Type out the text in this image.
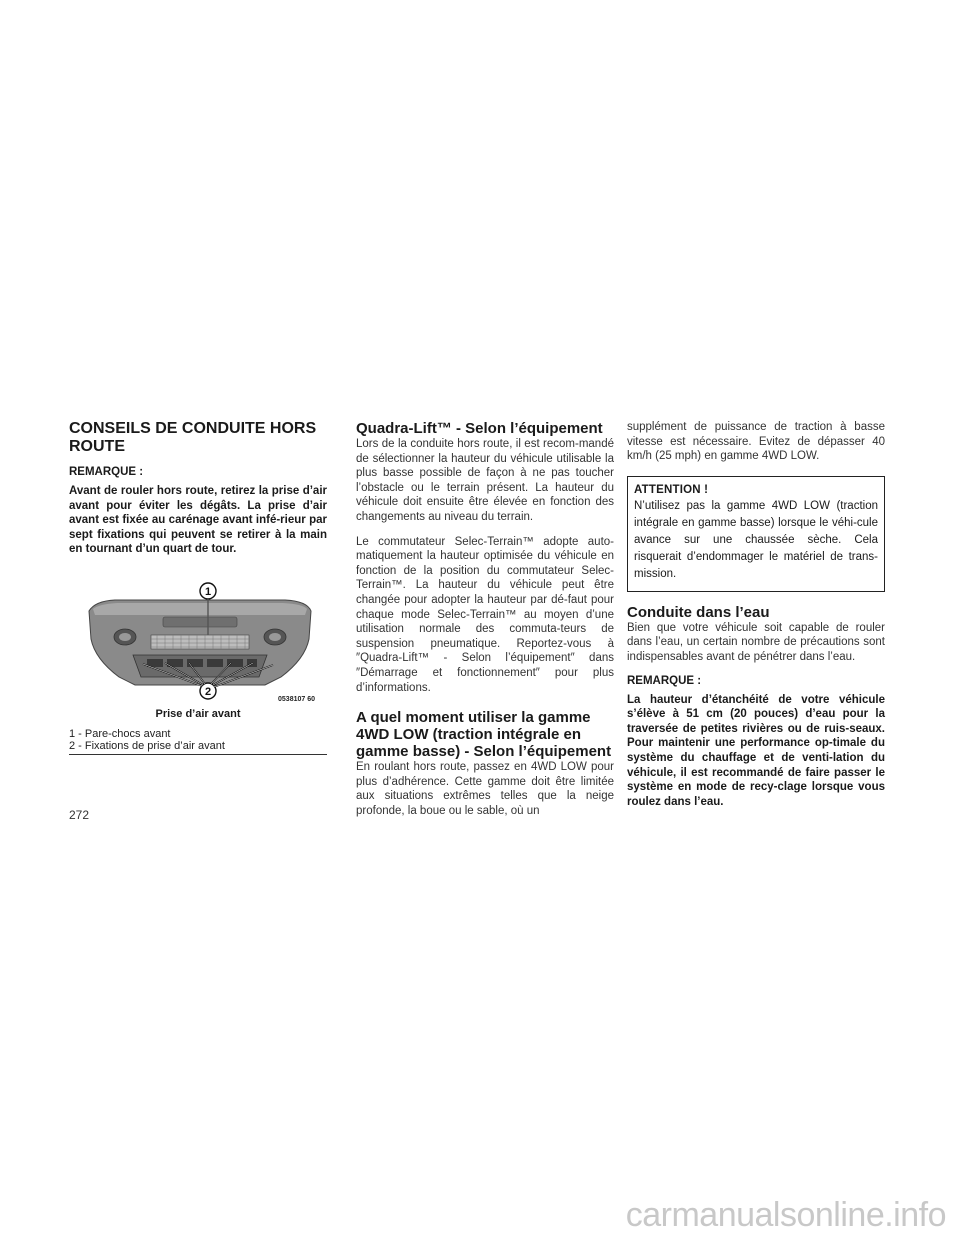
CONSEILS DE CONDUITE HORS ROUTE

REMARQUE :

Avant de rouler hors route, retirez la prise d’air avant pour éviter les dégâts. La prise d’air avant est fixée au carénage avant infé-rieur par sept fixations qui peuvent se retirer à la main en tournant d’un quart de tour.

1
2
0538107 60
Prise d’air avant
1 - Pare-chocs avant
2 - Fixations de prise d’air avant
Quadra-Lift™ - Selon l’équipement

Lors de la conduite hors route, il est recom-mandé de sélectionner la hauteur du véhicule utilisable la plus basse possible de façon à ne pas toucher l’obstacle ou le terrain présent. La hauteur du véhicule doit ensuite être élevée en fonction des changements au niveau du terrain.

Le commutateur Selec-Terrain™ adopte auto-matiquement la hauteur optimisée du véhicule en fonction de la position du commutateur Selec-Terrain™. La hauteur du véhicule peut être changée pour adopter la hauteur par dé-faut pour chaque mode Selec-Terrain™ au moyen d’une utilisation normale des commuta-teurs de suspension pneumatique. Reportez-vous à ″Quadra-Lift™ - Selon l’équipement″ dans ″Démarrage et fonctionnement″ pour plus d’informations.

A quel moment utiliser la gamme 4WD LOW (traction intégrale en gamme basse) - Selon l’équipement

En roulant hors route, passez en 4WD LOW pour plus d’adhérence. Cette gamme doit être limitée aux situations extrêmes telles que la neige profonde, la boue ou le sable, où un

supplément de puissance de traction à basse vitesse est nécessaire. Evitez de dépasser 40 km/h (25 mph) en gamme 4WD LOW.

ATTENTION !

N’utilisez pas la gamme 4WD LOW (traction intégrale en gamme basse) lorsque le véhi-cule avance sur une chaussée sèche. Cela risquerait d’endommager le matériel de trans-mission.

Conduite dans l’eau

Bien que votre véhicule soit capable de rouler dans l’eau, un certain nombre de précautions sont indispensables avant de pénétrer dans l’eau.

REMARQUE :

La hauteur d’étanchéité de votre véhicule s’élève à 51 cm (20 pouces) d’eau pour la traversée de petites rivières ou de ruis-seaux. Pour maintenir une performance op-timale du système du chauffage et de venti-lation du véhicule, il est recommandé de faire passer le système en mode de recy-clage lorsque vous roulez dans l’eau.

272
carmanualsonline.info
